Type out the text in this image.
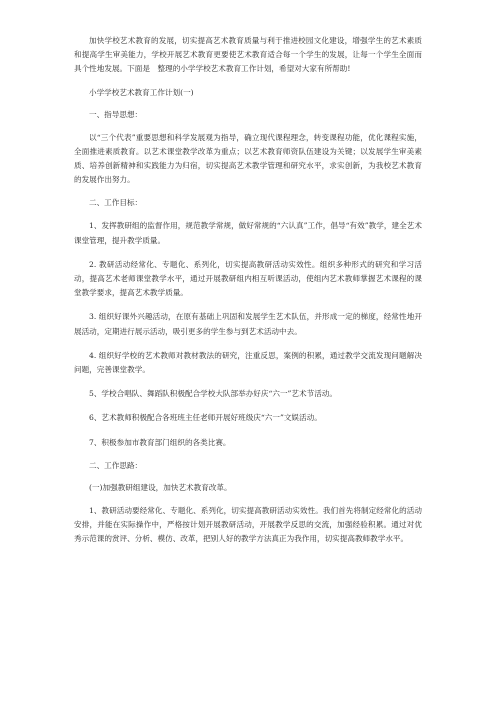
加快学校艺术教育的发展，切实提高艺术教育质量与利于推进校园文化建设，增强学生的艺术素质和提高学生审美能力，学校开展艺术教育更要使艺术教育适合每一个学生的发展，让每一个学生全面而具个性地发展。下面是　整理的小学学校艺术教育工作计划，希望对大家有所帮助!

小学学校艺术教育工作计划(一)

一、指导思想：

以“三个代表”重要思想和科学发展观为指导，确立现代课程理念，转变课程功能，优化课程实施，全面推进素质教育。以艺术课堂教学改革为重点；以艺术教育师资队伍建设为关键；以发展学生审美素质、培养创新精神和实践能力为归宿，切实提高艺术教学管理和研究水平，求实创新，为我校艺术教育的发展作出努力。

二、工作目标：

1、发挥教研组的监督作用，规范教学常规，做好常规的“六认真”工作，倡导“有效”教学，建全艺术课堂管理，提升教学质量。

2. 教研活动经常化、专题化、系列化，切实提高教研活动实效性。组织多种形式的研究和学习活动，提高艺术老师课堂教学水平，通过开展教研组内相互听课活动，使组内艺术教师掌握艺术课程的课堂教学要求，提高艺术教学质量。

3. 组织好课外兴趣活动，在原有基础上巩固和发展学生艺术队伍，并形成一定的梯度，经常性地开展活动，定期进行展示活动，吸引更多的学生参与到艺术活动中去。

4. 组织好学校的艺术教师对教材教法的研究，注重反思，案例的积累，通过教学交流发现问题解决问题，完善课堂教学。

5、学校合唱队、舞蹈队积极配合学校大队部举办好庆“六一”艺术节活动。

6、艺术教师积极配合各班班主任老师开展好班级庆“六一”文娱活动。

7、积极参加市教育部门组织的各类比赛。

二、工作思路：

(一)加强教研组建设，加快艺术教育改革。

1、教研活动要经常化、专题化、系列化，切实提高教研活动实效性。我们首先将制定经常化的活动安排，并能在实际操作中，严格按计划开展教研活动，开展教学反思的交流，加强经验积累。通过对优秀示范课的赏评、分析、模仿、改革，把别人好的教学方法真正为我作用，切实提高教师教学水平。
